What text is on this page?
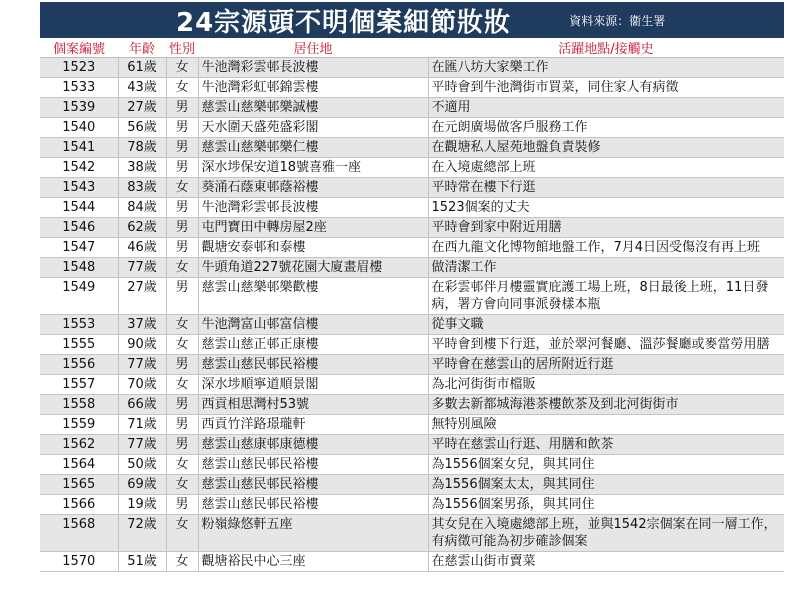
24宗源頭不明個案細節妝妝	資料來源：衞生署
個案編號	年齡	性別	居住地	活躍地點/接觸史
1523	61歲	女	牛池灣彩雲邨長波樓	在匯八坊大家樂工作
1533	43歲	女	牛池灣彩虹邨錦雲樓	平時會到牛池灣街市買菜，同住家人有病徵
1539	27歲	男	慈雲山慈樂邨樂誠樓	不適用
1540	56歲	男	天水圍天盛苑盛彩閣	在元朗廣場做客戶服務工作
1541	78歲	男	慈雲山慈樂邨樂仁樓	在觀塘私人屋苑地盤負責裝修
1542	38歲	男	深水埗保安道18號喜雅一座	在入境處總部上班
1543	83歲	女	葵涌石蔭東邨蔭裕樓	平時常在樓下行逛
1544	84歲	男	牛池灣彩雲邨長波樓	1523個案的丈夫
1546	62歲	男	屯門寶田中轉房屋2座	平時會到家中附近用膳
1547	46歲	男	觀塘安泰邨和泰樓	在西九龍文化博物館地盤工作，7月4日因受傷沒有再上班
1548	77歲	女	牛頭角道227號花園大廈畫眉樓	做清潔工作
1549	27歲	男	慈雲山慈樂邨樂歡樓	在彩雲邨伴月樓靈實庇護工場上班，8日最後上班，11日發病，署方會向同事派發樣本瓶
1553	37歲	女	牛池灣富山邨富信樓	從事文職
1555	90歲	女	慈雲山慈正邨正康樓	平時會到樓下行逛，並於翠河餐廳、溫莎餐廳或麥當勞用膳
1556	77歲	男	慈雲山慈民邨民裕樓	平時會在慈雲山的居所附近行逛
1557	70歲	女	深水埗順寧道順景閣	為北河街街市檔販
1558	66歲	男	西貢相思灣村53號	多數去新都城海港茶樓飲茶及到北河街街市
1559	71歲	男	西貢竹洋路璟瓏軒	無特別風險
1562	77歲	男	慈雲山慈康邨康德樓	平時在慈雲山行逛、用膳和飲茶
1564	50歲	女	慈雲山慈民邨民裕樓	為1556個案女兒，與其同住
1565	69歲	女	慈雲山慈民邨民裕樓	為1556個案太太，與其同住
1566	19歲	男	慈雲山慈民邨民裕樓	為1556個案男孫，與其同住
1568	72歲	女	粉嶺綠悠軒五座	其女兒在入境處總部上班，並與1542宗個案在同一層工作，有病徵可能為初步確診個案
1570	51歲	女	觀塘裕民中心三座	在慈雲山街市賣菜
